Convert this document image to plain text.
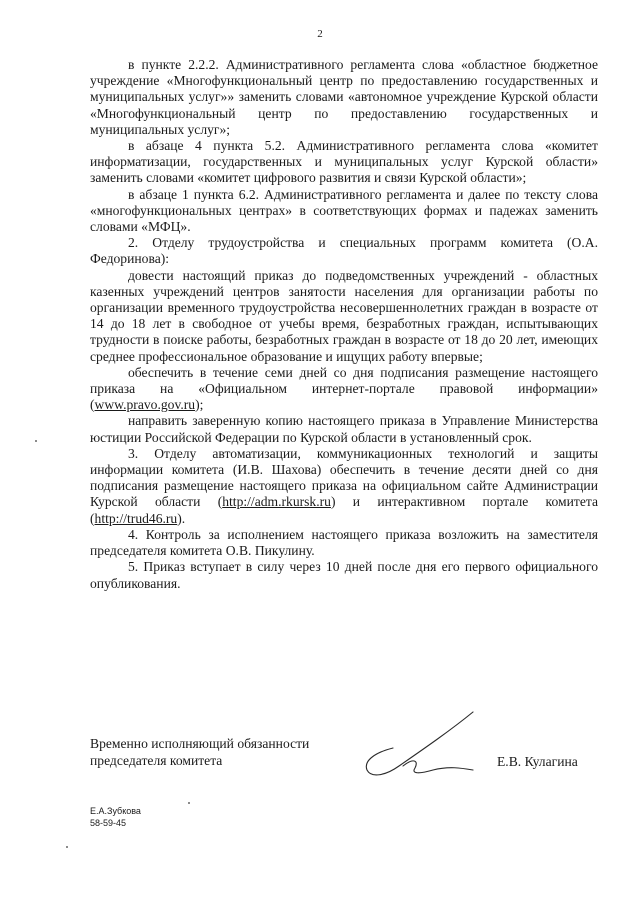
2

в пункте 2.2.2. Административного регламента слова «областное бюджетное учреждение «Многофункциональный центр по предоставлению государственных и муниципальных услуг»» заменить словами «автономное учреждение Курской области «Многофункциональный центр по предоставлению государственных и муниципальных услуг»;

в абзаце 4 пункта 5.2. Административного регламента слова «комитет информатизации, государственных и муниципальных услуг Курской области» заменить словами «комитет цифрового развития и связи Курской области»;

в абзаце 1 пункта 6.2. Административного регламента и далее по тексту слова «многофункциональных центрах» в соответствующих формах и падежах заменить словами «МФЦ».

2. Отделу трудоустройства и специальных программ комитета (О.А. Федоринова):

довести настоящий приказ до подведомственных учреждений - областных казенных учреждений центров занятости населения для организации работы по организации временного трудоустройства несовершеннолетних граждан в возрасте от 14 до 18 лет в свободное от учебы время, безработных граждан, испытывающих трудности в поиске работы, безработных граждан в возрасте от 18 до 20 лет, имеющих среднее профессиональное образование и ищущих работу впервые;

обеспечить в течение семи дней со дня подписания размещение настоящего приказа на «Официальном интернет-портале правовой информации» (www.pravo.gov.ru);

направить заверенную копию настоящего приказа в Управление Министерства юстиции Российской Федерации по Курской области в установленный срок.

3. Отделу автоматизации, коммуникационных технологий и защиты информации комитета (И.В. Шахова) обеспечить в течение десяти дней со дня подписания размещение настоящего приказа на официальном сайте Администрации Курской области (http://adm.rkursk.ru) и интерактивном портале комитета (http://trud46.ru).

4. Контроль за исполнением настоящего приказа возложить на заместителя председателя комитета О.В. Пикулину.

5. Приказ вступает в силу через 10 дней после дня его первого официального опубликования.

Временно исполняющий обязанности
председателя комитета	Е.В. Кулагина
Е.А.Зубкова
58-59-45
